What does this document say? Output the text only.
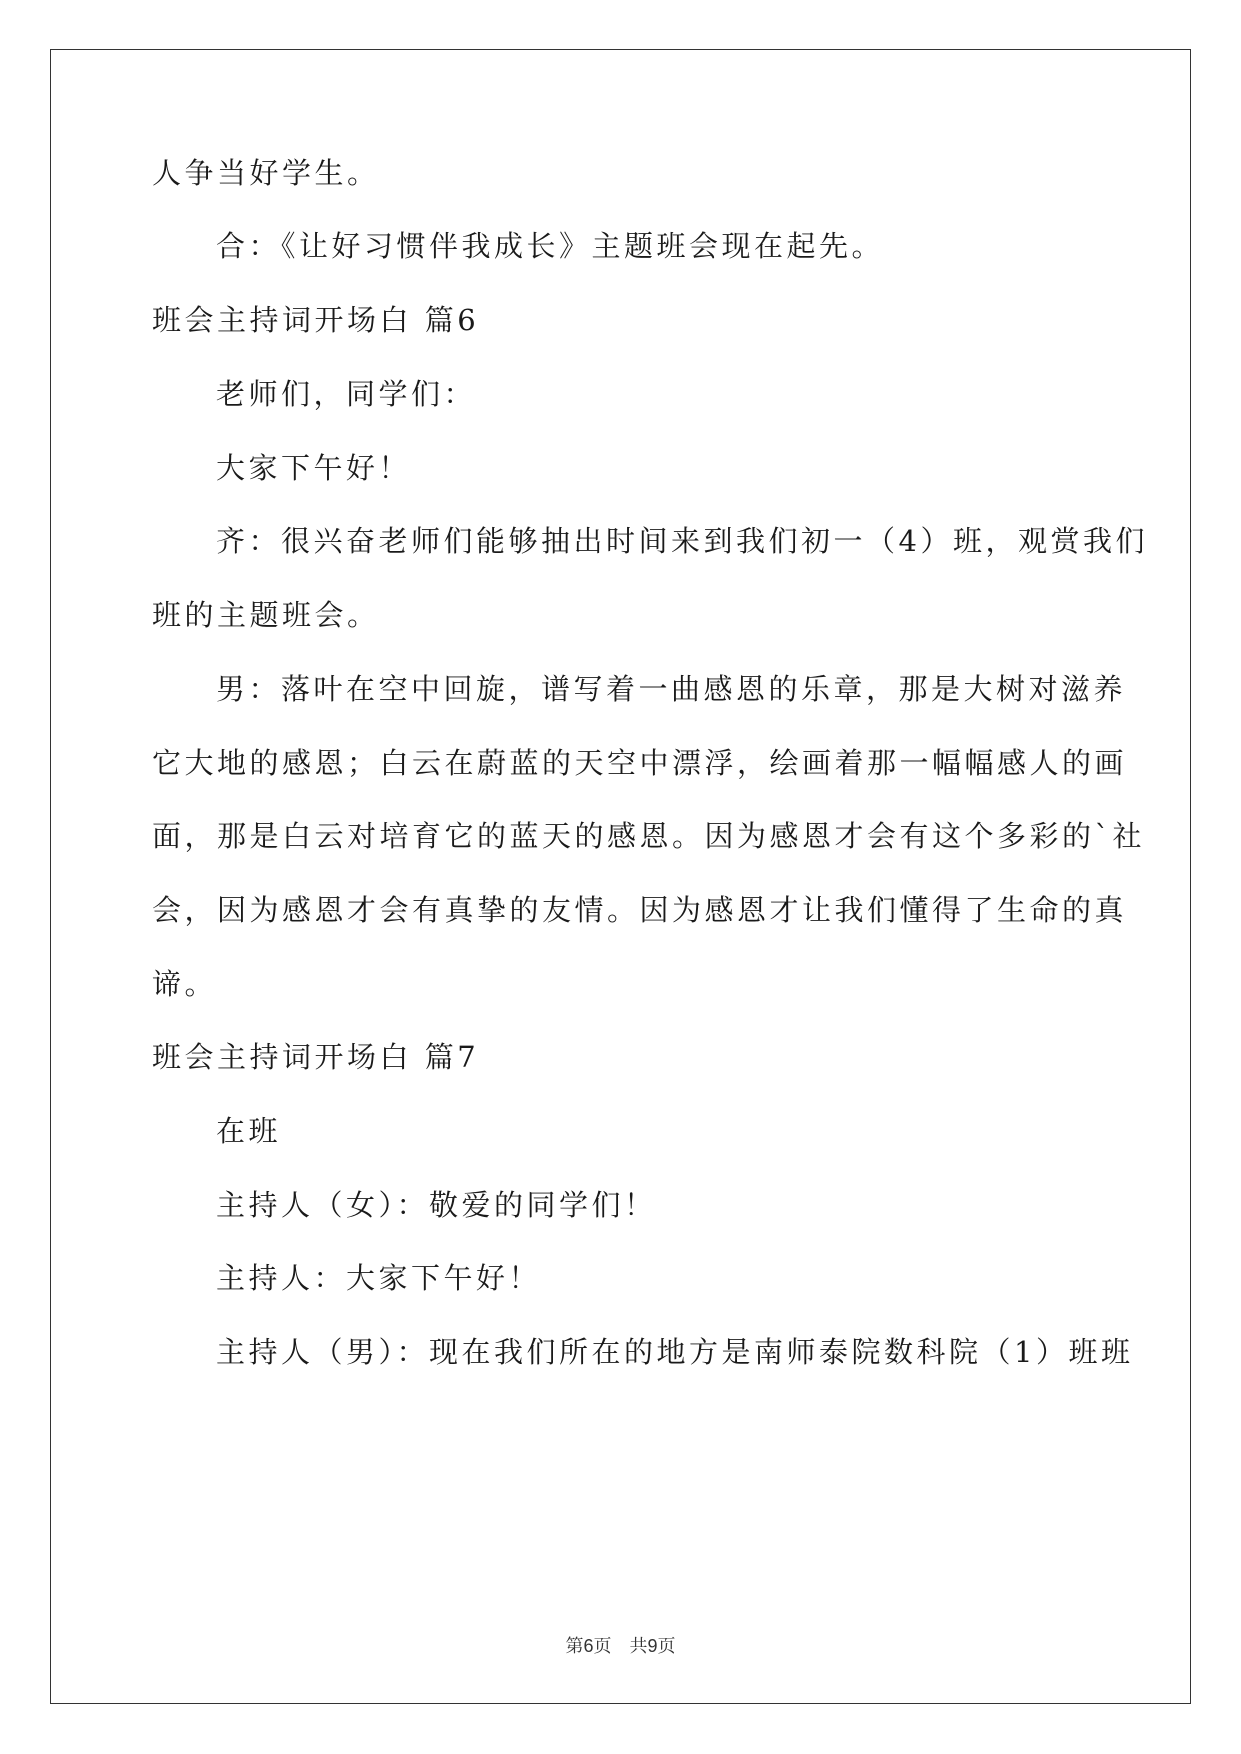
人争当好学生。
合：《让好习惯伴我成长》主题班会现在起先。
班会主持词开场白 篇6
老师们，同学们：
大家下午好！
齐：很兴奋老师们能够抽出时间来到我们初一（4）班，观赏我们
班的主题班会。
男：落叶在空中回旋，谱写着一曲感恩的乐章，那是大树对滋养
它大地的感恩；白云在蔚蓝的天空中漂浮，绘画着那一幅幅感人的画
面，那是白云对培育它的蓝天的感恩。因为感恩才会有这个多彩的`社
会，因为感恩才会有真挚的友情。因为感恩才让我们懂得了生命的真
谛。
班会主持词开场白 篇7
在班
主持人（女）：敬爱的同学们！
主持人：大家下午好！
主持人（男）：现在我们所在的地方是南师泰院数科院（1）班班
第6页 共9页
